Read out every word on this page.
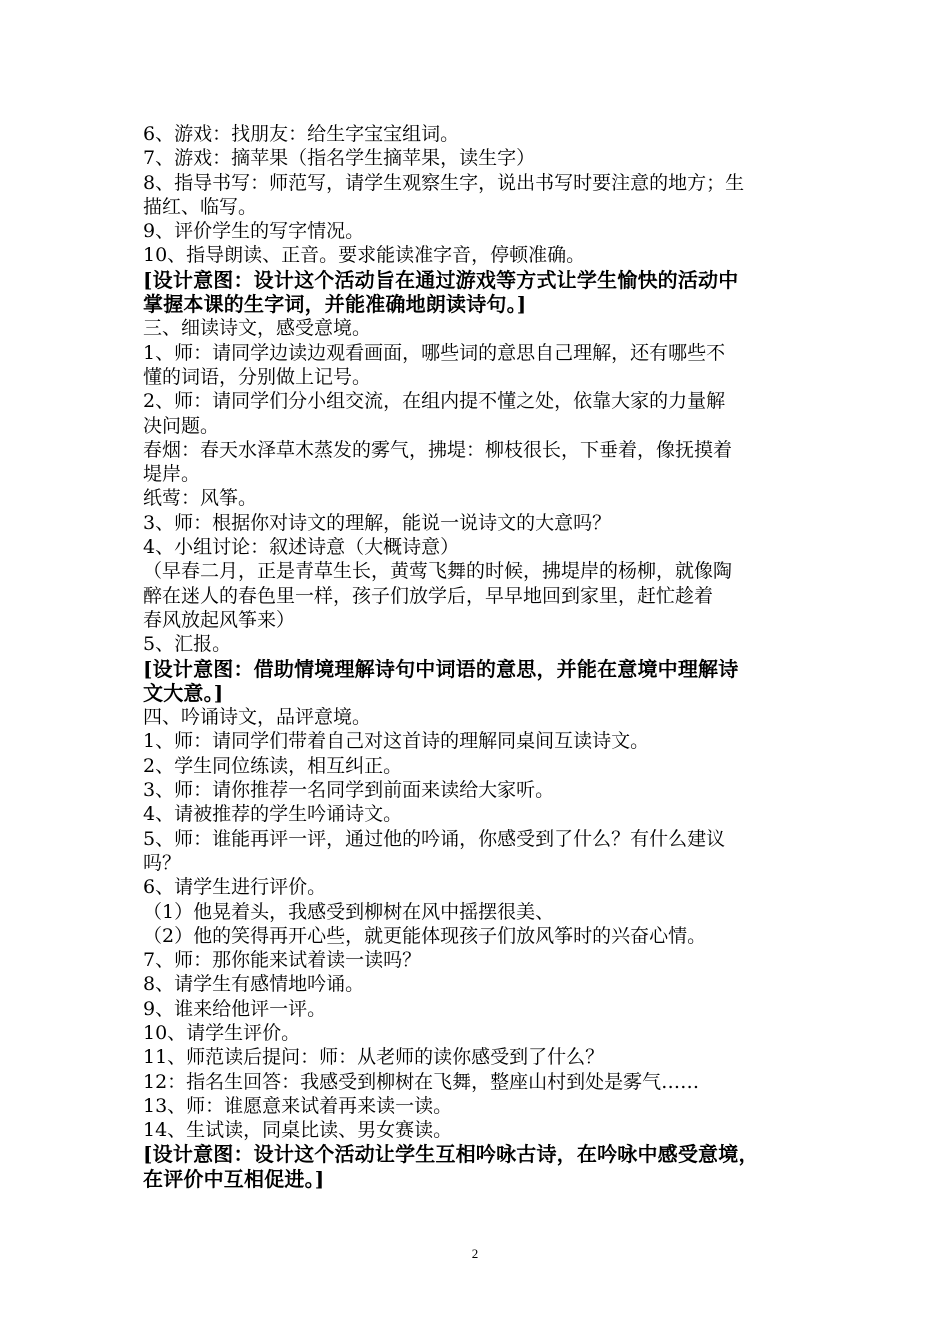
6、游戏：找朋友：给生字宝宝组词。
7、游戏：摘苹果（指名学生摘苹果，读生字）
8、指导书写：师范写，请学生观察生字，说出书写时要注意的地方；生
描红、临写。
9、评价学生的写字情况。
10、指导朗读、正音。要求能读准字音，停顿准确。
[设计意图：设计这个活动旨在通过游戏等方式让学生愉快的活动中
掌握本课的生字词，并能准确地朗读诗句。]
三、细读诗文，感受意境。
1、师：请同学边读边观看画面，哪些词的意思自己理解，还有哪些不
懂的词语，分别做上记号。
2、师：请同学们分小组交流，在组内提不懂之处，依靠大家的力量解
决问题。
春烟：春天水泽草木蒸发的雾气，拂堤：柳枝很长，下垂着，像抚摸着
堤岸。
纸莺：风筝。
3、师：根据你对诗文的理解，能说一说诗文的大意吗？
4、小组讨论：叙述诗意（大概诗意）
（早春二月，正是青草生长，黄莺飞舞的时候，拂堤岸的杨柳，就像陶
醉在迷人的春色里一样，孩子们放学后，早早地回到家里，赶忙趁着
春风放起风筝来）
5、汇报。
[设计意图：借助情境理解诗句中词语的意思，并能在意境中理解诗
文大意。]
四、吟诵诗文，品评意境。
1、师：请同学们带着自己对这首诗的理解同桌间互读诗文。
2、学生同位练读，相互纠正。
3、师：请你推荐一名同学到前面来读给大家听。
4、请被推荐的学生吟诵诗文。
5、师：谁能再评一评，通过他的吟诵，你感受到了什么？有什么建议
吗？
6、请学生进行评价。
（1）他晃着头，我感受到柳树在风中摇摆很美、
（2）他的笑得再开心些，就更能体现孩子们放风筝时的兴奋心情。
7、师：那你能来试着读一读吗？
8、请学生有感情地吟诵。
9、谁来给他评一评。
10、请学生评价。
11、师范读后提问：师：从老师的读你感受到了什么？
12：指名生回答：我感受到柳树在飞舞，整座山村到处是雾气……
13、师：谁愿意来试着再来读一读。
14、生试读，同桌比读、男女赛读。
[设计意图：设计这个活动让学生互相吟咏古诗，在吟咏中感受意境，
在评价中互相促进。]
2
